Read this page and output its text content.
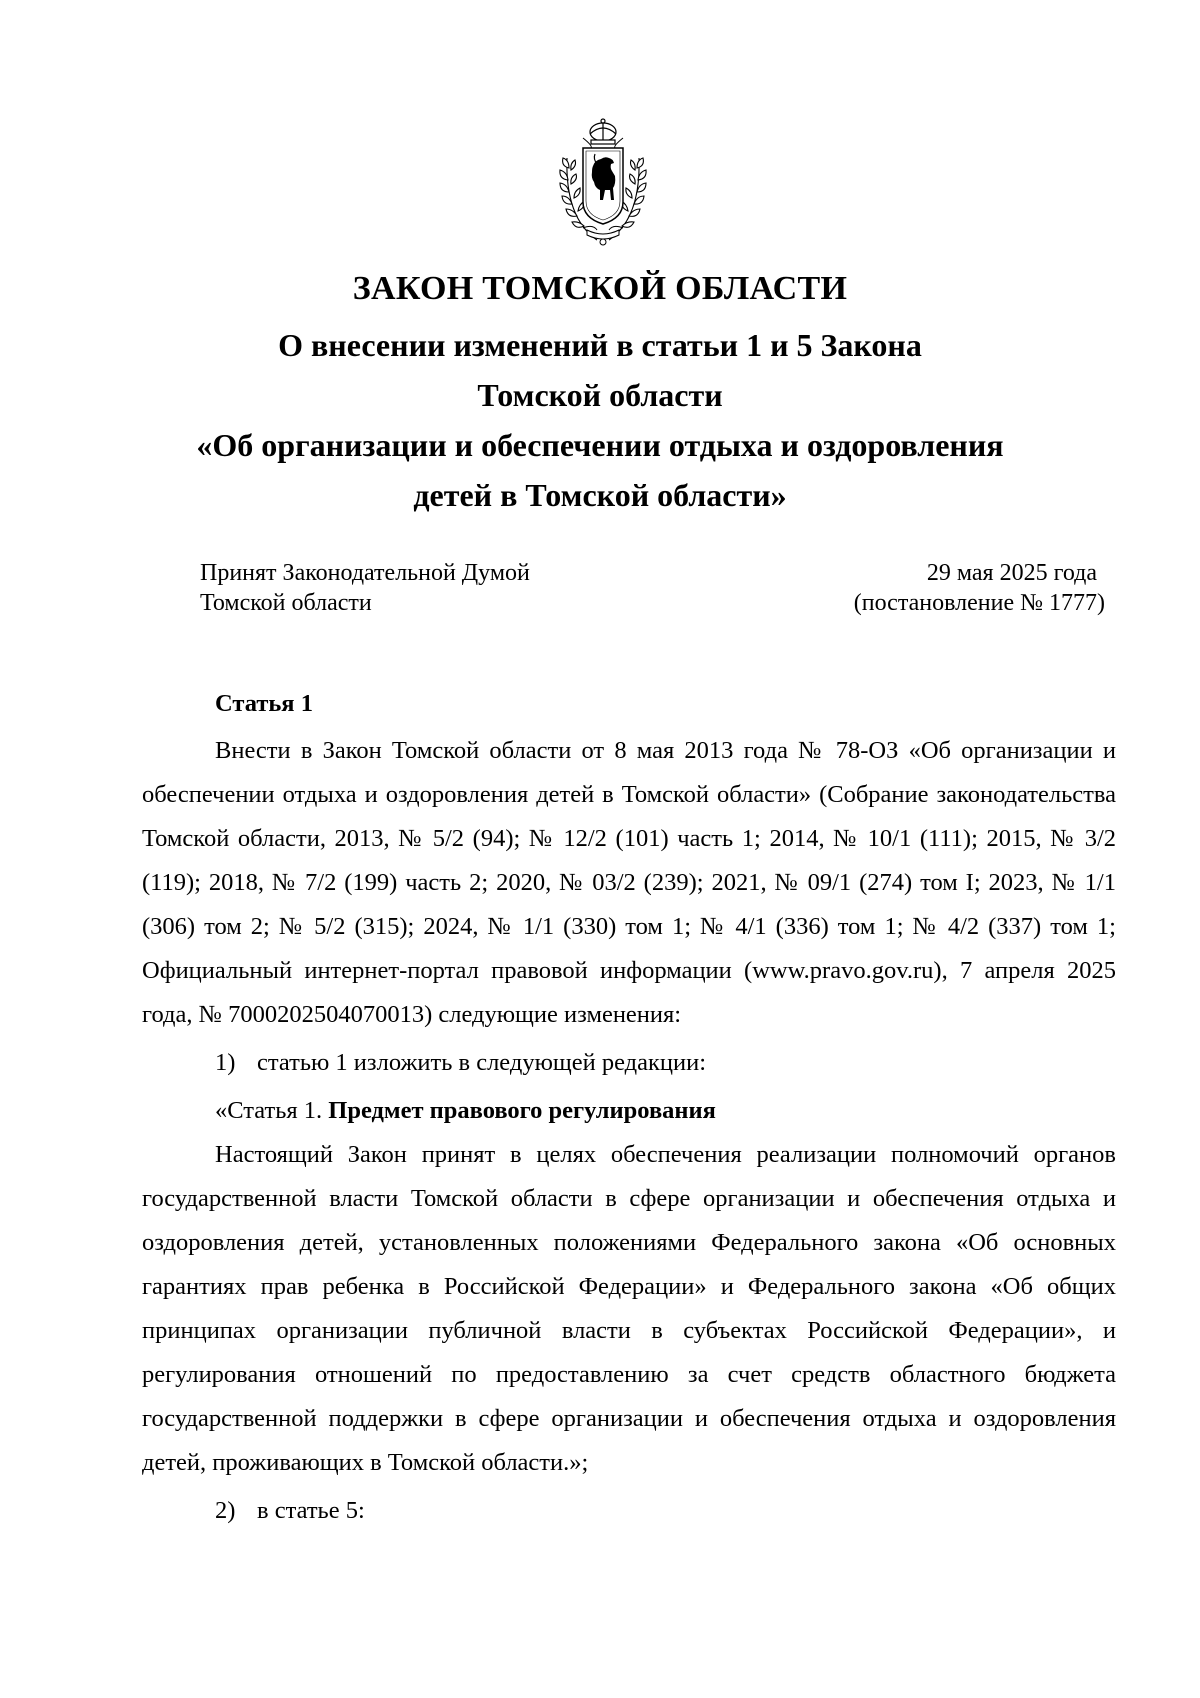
ЗАКОН ТОМСКОЙ ОБЛАСТИ
О внесении изменений в статьи 1 и 5 Закона
Томской области
«Об организации и обеспечении отдыха и оздоровления
детей в Томской области»
Принят Законодательной Думой
Томской области
29 мая 2025 года
(постановление № 1777)

Статья 1

Внести в Закон Томской области от 8 мая 2013 года № 78-ОЗ «Об организации и обеспечении отдыха и оздоровления детей в Томской области» (Собрание законодательства Томской области, 2013, № 5/2 (94); № 12/2 (101) часть 1; 2014, № 10/1 (111); 2015, № 3/2 (119); 2018, № 7/2 (199) часть 2; 2020, № 03/2 (239); 2021, № 09/1 (274) том I; 2023, № 1/1 (306) том 2; № 5/2 (315); 2024, № 1/1 (330) том 1; № 4/1 (336) том 1; № 4/2 (337) том 1; Официальный интернет-портал правовой информации (www.pravo.gov.ru), 7 апреля 2025 года, № 7000202504070013) следующие изменения:

1) статью 1 изложить в следующей редакции:

«Статья 1. Предмет правового регулирования

Настоящий Закон принят в целях обеспечения реализации полномочий органов государственной власти Томской области в сфере организации и обеспечения отдыха и оздоровления детей, установленных положениями Федерального закона «Об основных гарантиях прав ребенка в Российской Федерации» и Федерального закона «Об общих принципах организации публичной власти в субъектах Российской Федерации», и регулирования отношений по предоставлению за счет средств областного бюджета государственной поддержки в сфере организации и обеспечения отдыха и оздоровления детей, проживающих в Томской области.»;

2) в статье 5:
